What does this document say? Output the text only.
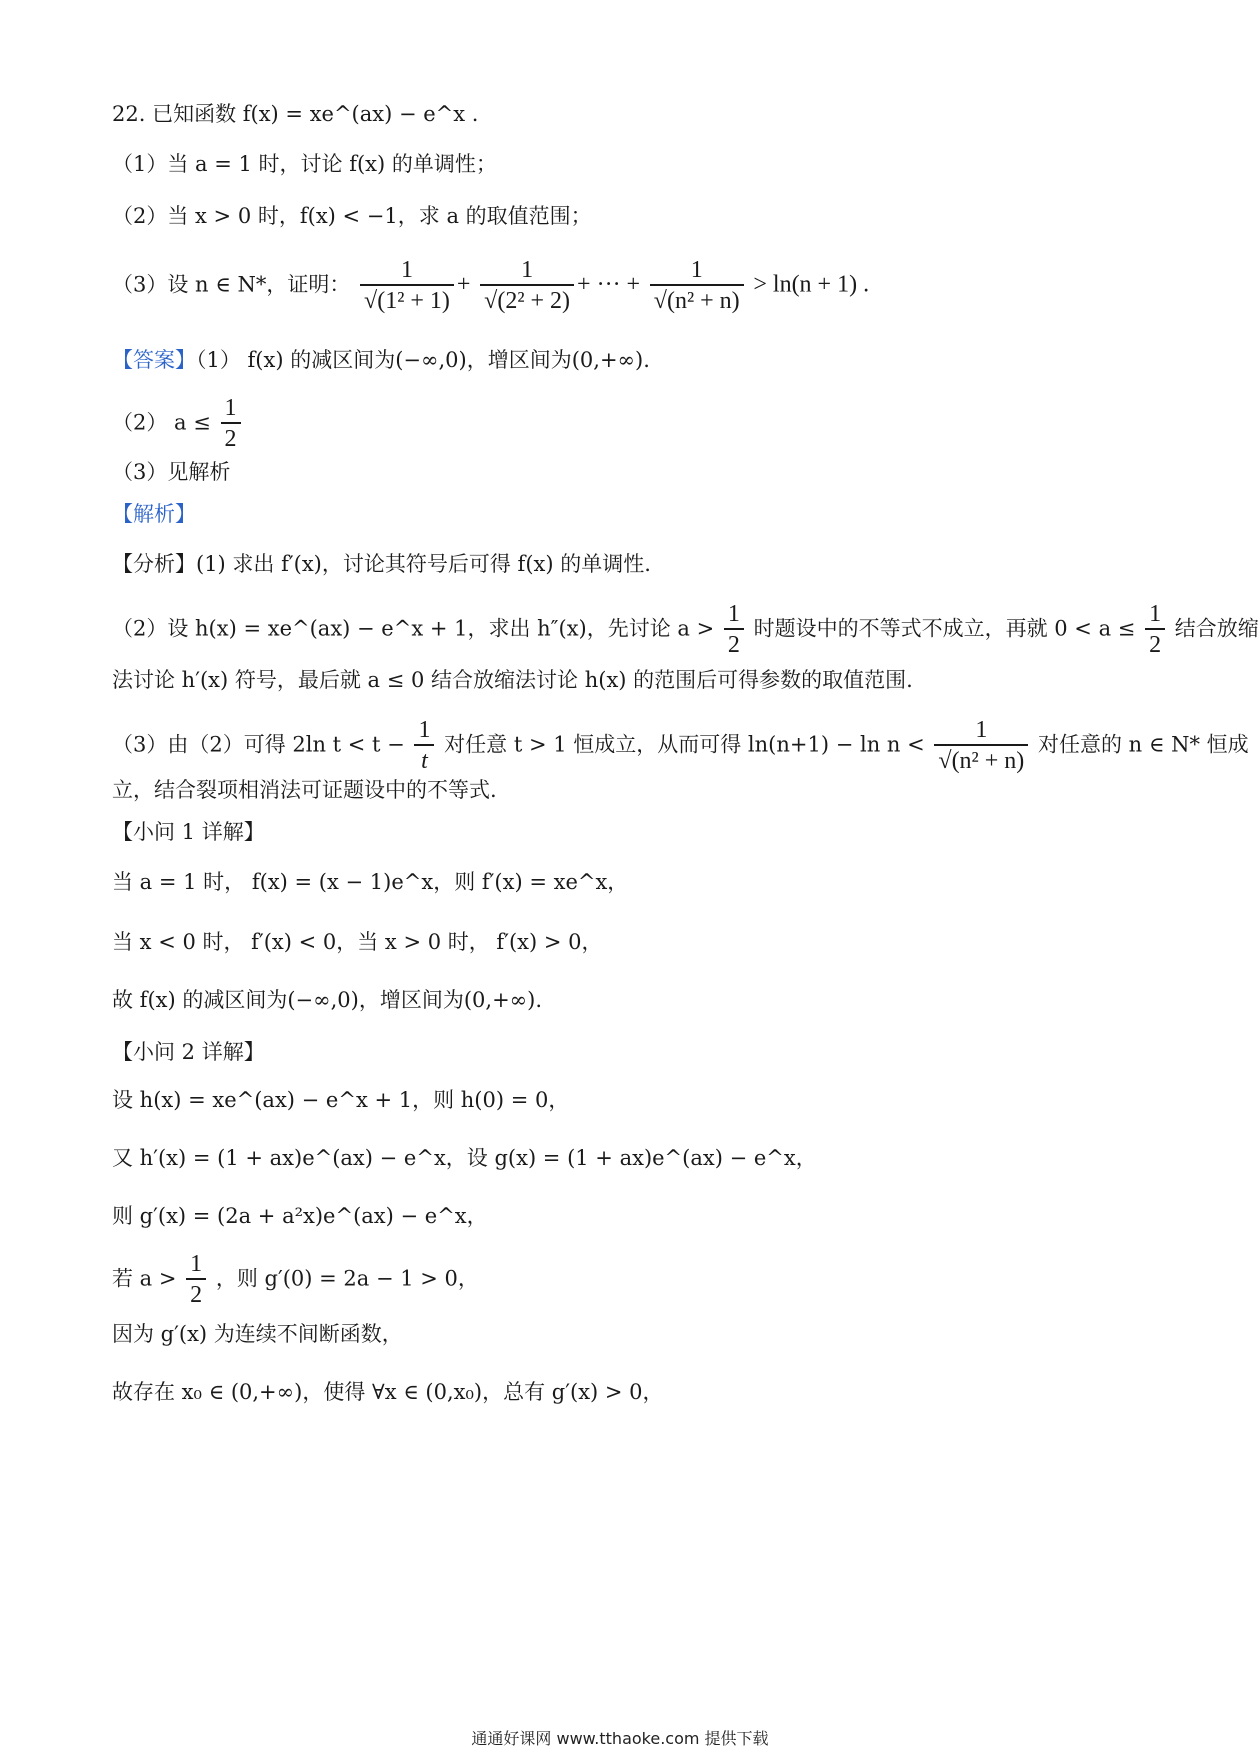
22. 已知函数 f(x) = xe^(ax) − e^x .
（1）当 a = 1 时，讨论 f(x) 的单调性；
（2）当 x > 0 时，f(x) < −1，求 a 的取值范围；
（3）设 n ∈ N*，证明： $\frac{1}{\text{√(1² + 1)}} + \frac{1}{\text{√(2² + 2)}}$ + ··· + $\frac{1}{\text{√(n² + n)}} > \ln(n + 1)$ .
【答案】（1） f(x) 的减区间为(−∞,0)，增区间为(0,+∞).
（2） $a \le \frac{1}{2}$
（3）见解析
【解析】
【分析】(1) 求出 f′(x)，讨论其符号后可得 f(x) 的单调性.
（2）设 h(x) = xe^(ax) − e^x + 1，求出 h″(x)，先讨论 $a > \frac{1}{2}$ 时题设中的不等式不成立，再就 $0 < a \le \frac{1}{2}$ 结合放缩
法讨论 h′(x) 符号，最后就 a ≤ 0 结合放缩法讨论 h(x) 的范围后可得参数的取值范围.
（3）由（2）可得 2ln $t < t - \frac{1}{t}$ 对任意 t > 1 恒成立，从而可得 $\ln(n+1) - \ln n < \frac{1}{\text{√(n² + n)}}$ 对任意的 n ∈ N* 恒成
立，结合裂项相消法可证题设中的不等式.
【小问 1 详解】
当 a = 1 时， f(x) = (x − 1)e^x，则 f′(x) = xe^x，
当 x < 0 时， f′(x) < 0，当 x > 0 时， f′(x) > 0，
故 f(x) 的减区间为(−∞,0)，增区间为(0,+∞).
【小问 2 详解】
设 h(x) = xe^(ax) − e^x + 1，则 h(0) = 0，
又 h′(x) = (1 + ax)e^(ax) − e^x，设 g(x) = (1 + ax)e^(ax) − e^x，
则 g′(x) = (2a + a²x)e^(ax) − e^x，
若 $a > \frac{1}{2}$ ，则 g′(0) = 2a − 1 > 0，
因为 g′(x) 为连续不间断函数，
故存在 x₀ ∈ (0,+∞)，使得 ∀x ∈ (0,x₀)，总有 g′(x) > 0，
通通好课网 www.tthaoke.com 提供下载
